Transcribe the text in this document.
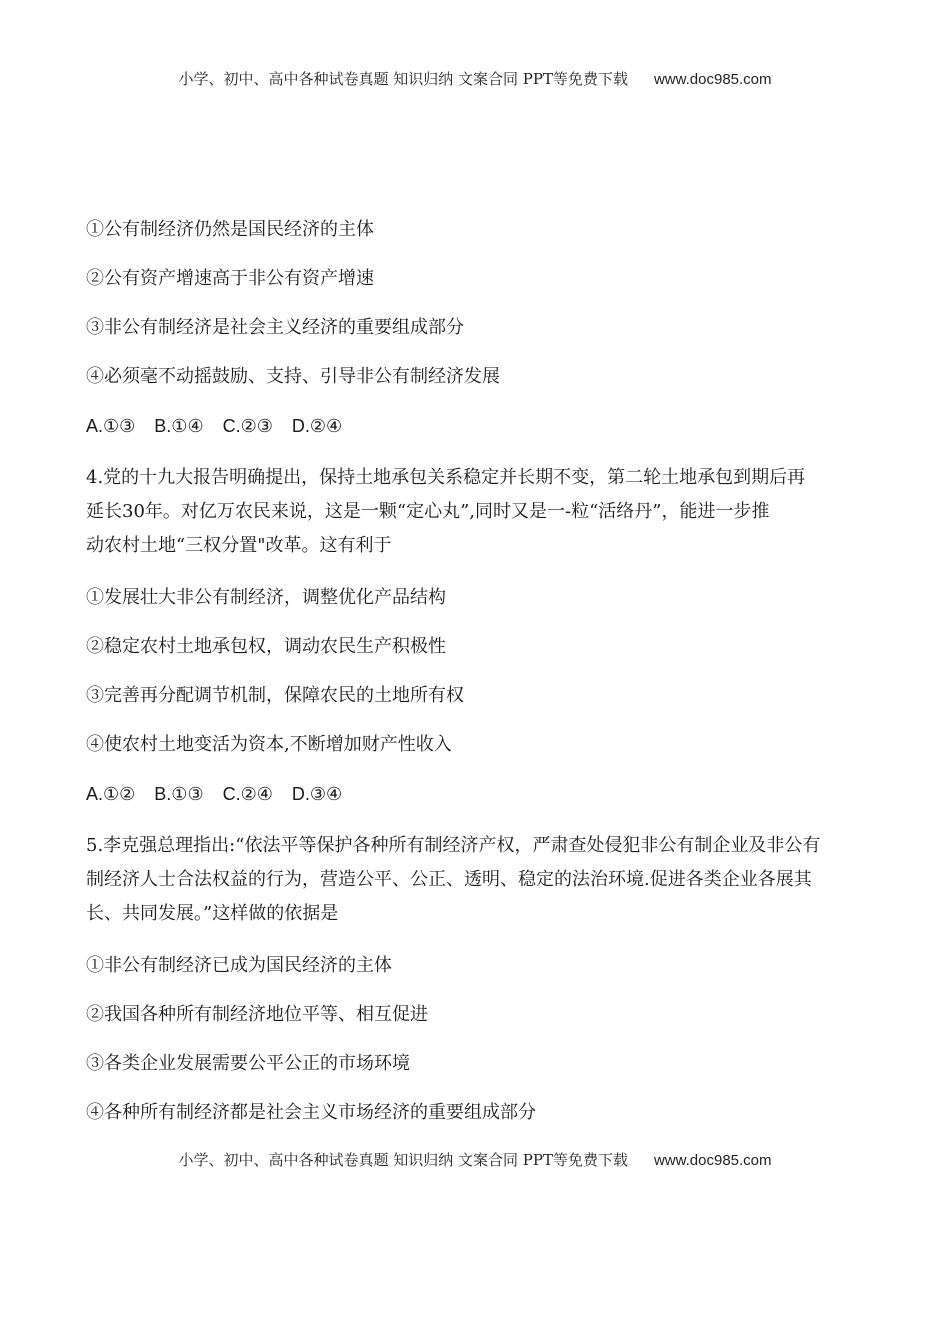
小学、初中、高中各种试卷真题 知识归纳 文案合同 PPT等免费下载 www.doc985.com
①公有制经济仍然是国民经济的主体
②公有资产增速高于非公有资产增速
③非公有制经济是社会主义经济的重要组成部分
④必须毫不动摇鼓励、支持、引导非公有制经济发展
A.①③ B.①④ C.②③ D.②④
4.党的十九大报告明确提出，保持土地承包关系稳定并长期不变，第二轮土地承包到期后再
延长30年。对亿万农民来说，这是一颗“定心丸”,同时又是一-粒“活络丹”，能进一步推
动农村土地“三权分置"改革。这有利于
①发展壮大非公有制经济，调整优化产品结构
②稳定农村土地承包权，调动农民生产积极性
③完善再分配调节机制，保障农民的土地所有权
④使农村土地变活为资本,不断增加财产性收入
A.①② B.①③ C.②④ D.③④
5.李克强总理指出:“依法平等保护各种所有制经济产权，严肃查处侵犯非公有制企业及非公有
制经济人士合法权益的行为，营造公平、公正、透明、稳定的法治环境.促进各类企业各展其
长、共同发展。”这样做的依据是
①非公有制经济已成为国民经济的主体
②我国各种所有制经济地位平等、相互促进
③各类企业发展需要公平公正的市场环境
④各种所有制经济都是社会主义市场经济的重要组成部分
小学、初中、高中各种试卷真题 知识归纳 文案合同 PPT等免费下载 www.doc985.com
